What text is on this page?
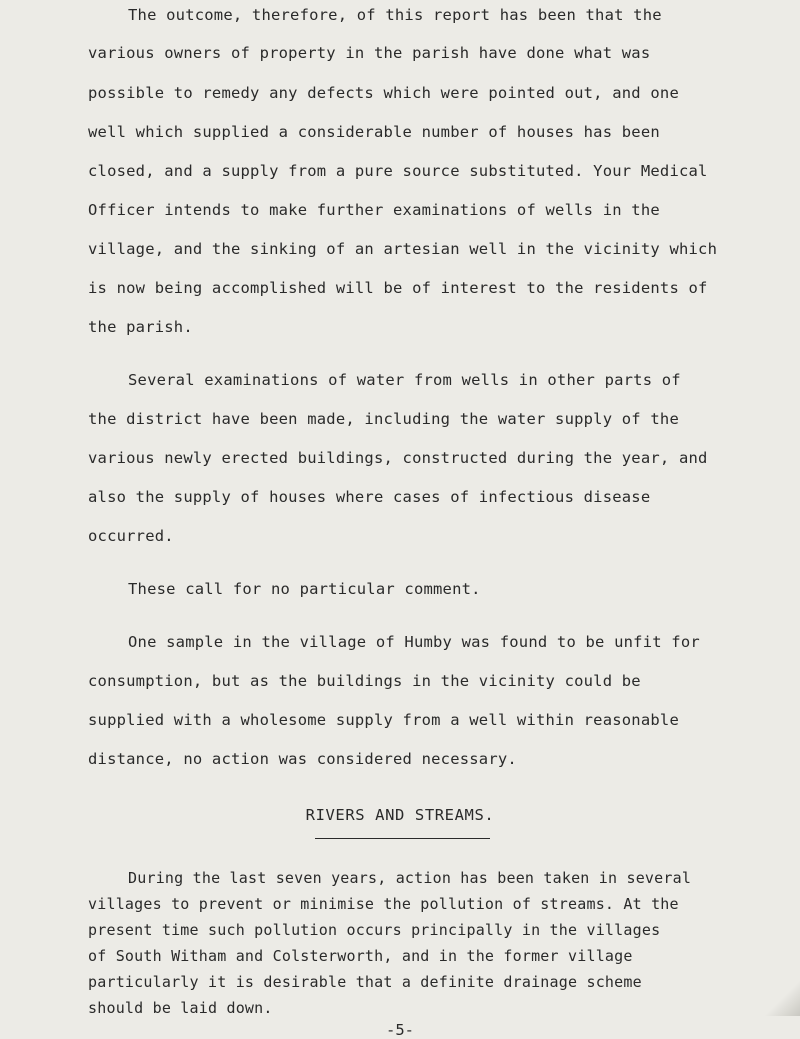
The outcome, therefore, of this report has been that the
various owners of property in the parish have done what was
possible to remedy any defects which were pointed out, and one
well which supplied a considerable number of houses has been
closed, and a supply from a pure source substituted. Your Medical
Officer intends to make further examinations of wells in the
village, and the sinking of an artesian well in the vicinity which
is now being accomplished will be of interest to the residents of
the parish.
Several examinations of water from wells in other parts of
the district have been made, including the water supply of the
various newly erected buildings, constructed during the year, and
also the supply of houses where cases of infectious disease
occurred.
These call for no particular comment.
One sample in the village of Humby was found to be unfit for
consumption, but as the buildings in the vicinity could be
supplied with a wholesome supply from a well within reasonable
distance, no action was considered necessary.
RIVERS AND STREAMS.
-5-
During the last seven years, action has been taken in several
villages to prevent or minimise the pollution of streams. At the
present time such pollution occurs principally in the villages
of South Witham and Colsterworth, and in the former village
particularly it is desirable that a definite drainage scheme
should be laid down.
